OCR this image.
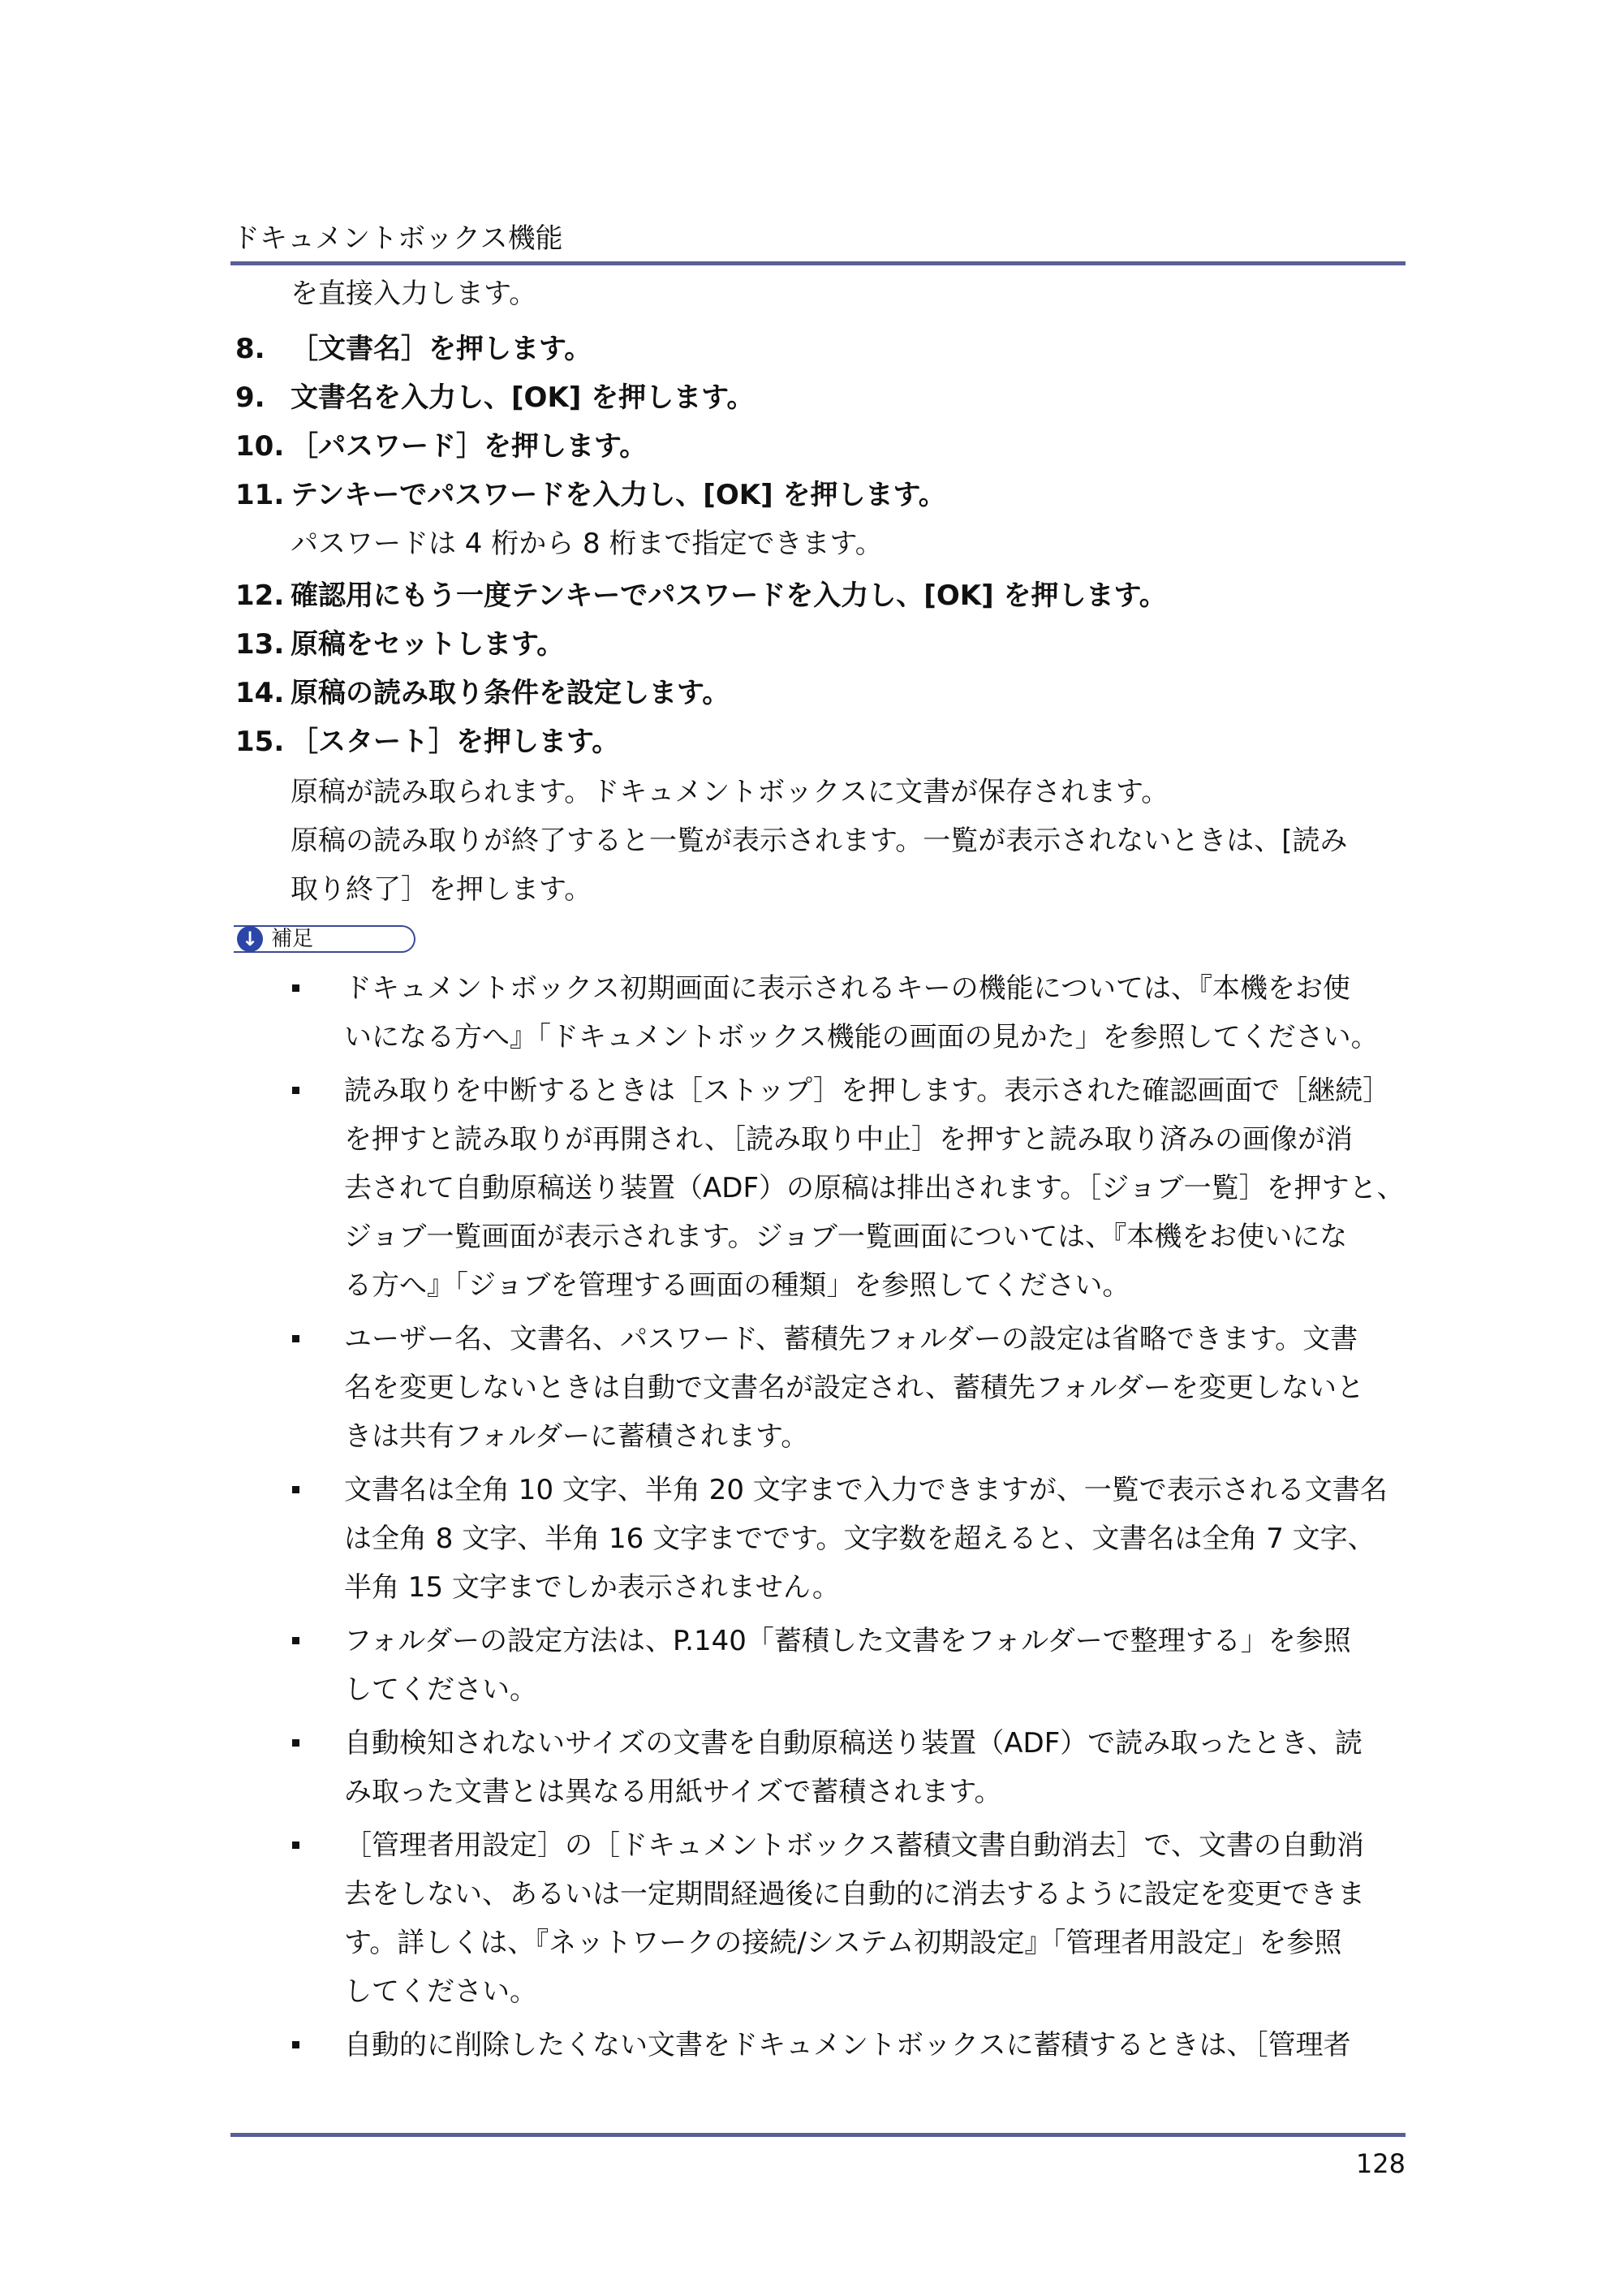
ドキュメントボックス機能
を直接入力します。
8. ［文書名］を押します。
9. 文書名を入力し、[OK] を押します。
10. ［パスワード］を押します。
11. テンキーでパスワードを入力し、[OK] を押します。
パスワードは 4 桁から 8 桁まで指定できます。
12. 確認用にもう一度テンキーでパスワードを入力し、[OK] を押します。
13. 原稿をセットします。
14. 原稿の読み取り条件を設定します。
15. ［スタート］を押します。
原稿が読み取られます。ドキュメントボックスに文書が保存されます。
原稿の読み取りが終了すると一覧が表示されます。一覧が表示されないときは、[読み
取り終了］を押します。
↓ 補足
ドキュメントボックス初期画面に表示されるキーの機能については、『本機をお使
いになる方へ』「ドキュメントボックス機能の画面の見かた」を参照してください。
読み取りを中断するときは［ストップ］を押します。表示された確認画面で［継続］
を押すと読み取りが再開され、［読み取り中止］を押すと読み取り済みの画像が消
去されて自動原稿送り装置（ADF）の原稿は排出されます。［ジョブ一覧］を押すと、
ジョブ一覧画面が表示されます。ジョブ一覧画面については、『本機をお使いにな
る方へ』「ジョブを管理する画面の種類」を参照してください。
ユーザー名、文書名、パスワード、蓄積先フォルダーの設定は省略できます。文書
名を変更しないときは自動で文書名が設定され、蓄積先フォルダーを変更しないと
きは共有フォルダーに蓄積されます。
文書名は全角 10 文字、半角 20 文字まで入力できますが、一覧で表示される文書名
は全角 8 文字、半角 16 文字までです。文字数を超えると、文書名は全角 7 文字、
半角 15 文字までしか表示されません。
フォルダーの設定方法は、P.140「蓄積した文書をフォルダーで整理する」を参照
してください。
自動検知されないサイズの文書を自動原稿送り装置（ADF）で読み取ったとき、読
み取った文書とは異なる用紙サイズで蓄積されます。
［管理者用設定］の［ドキュメントボックス蓄積文書自動消去］で、文書の自動消
去をしない、あるいは一定期間経過後に自動的に消去するように設定を変更できま
す。詳しくは、『ネットワークの接続/システム初期設定』「管理者用設定」を参照
してください。
自動的に削除したくない文書をドキュメントボックスに蓄積するときは、［管理者
128
